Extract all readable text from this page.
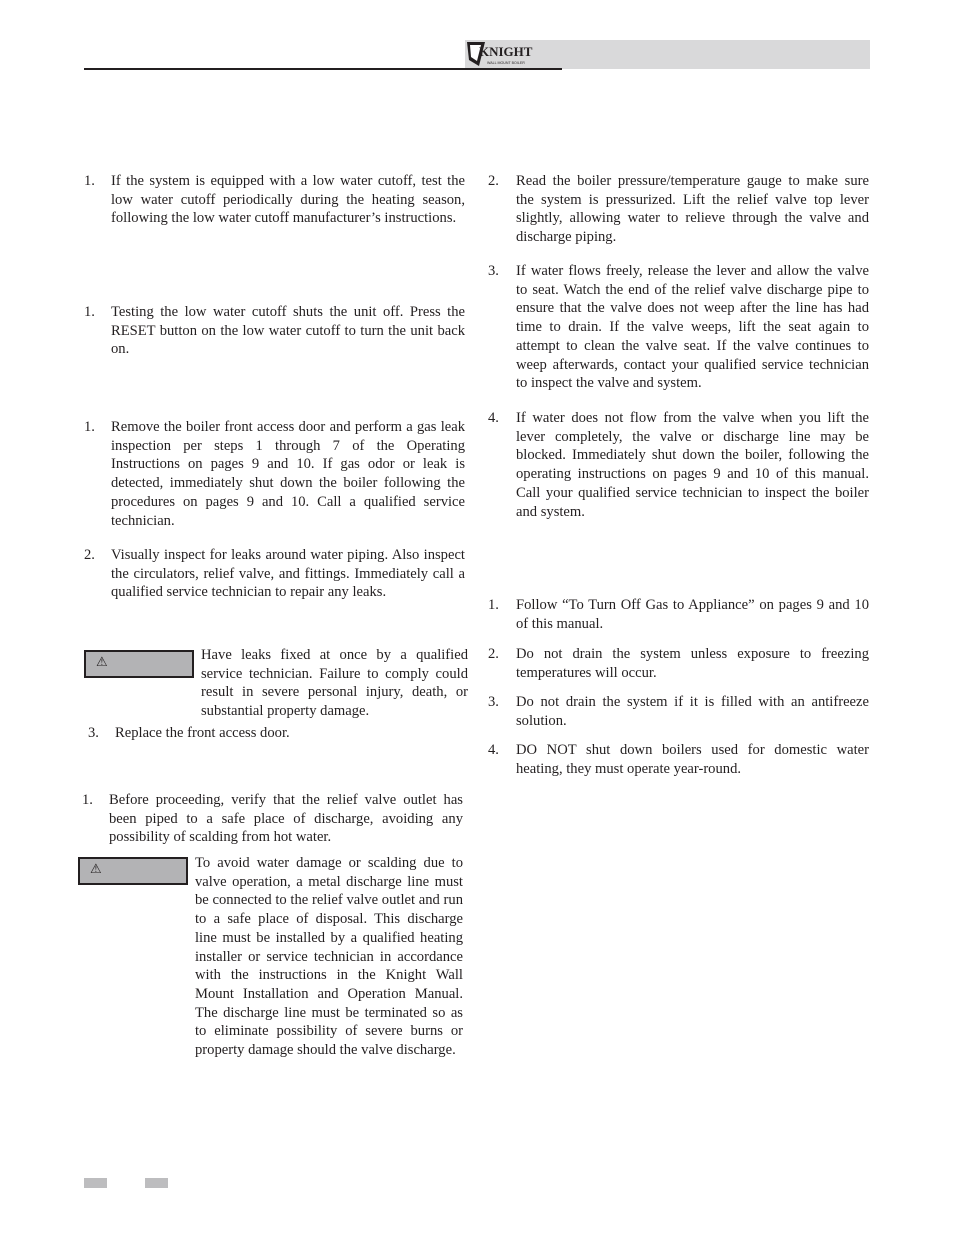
KNIGHT
WALL MOUNT BOILER
1. If the system is equipped with a low water cutoff, test the low water cutoff periodically during the heating season, following the low water cutoff manufacturer’s instructions.
1. Testing the low water cutoff shuts the unit off. Press the RESET button on the low water cutoff to turn the unit back on.
1. Remove the boiler front access door and perform a gas leak inspection per steps 1 through 7 of the Operating Instructions on pages 9 and 10. If gas odor or leak is detected, immediately shut down the boiler following the procedures on pages 9 and 10. Call a qualified service technician.
2. Visually inspect for leaks around water piping. Also inspect the circulators, relief valve, and fittings. Immediately call a qualified service technician to repair any leaks.
⚠	Have leaks fixed at once by a qualified service technician. Failure to comply could result in severe personal injury, death, or substantial property damage.
3. Replace the front access door.
1. Before proceeding, verify that the relief valve outlet has been piped to a safe place of discharge, avoiding any possibility of scalding from hot water.
⚠	To avoid water damage or scalding due to valve operation, a metal discharge line must be connected to the relief valve outlet and run to a safe place of disposal. This discharge line must be installed by a qualified heating installer or service technician in accordance with the instructions in the Knight Wall Mount Installation and Operation Manual. The discharge line must be terminated so as to eliminate possibility of severe burns or property damage should the valve discharge.
2. Read the boiler pressure/temperature gauge to make sure the system is pressurized. Lift the relief valve top lever slightly, allowing water to relieve through the valve and discharge piping.
3. If water flows freely, release the lever and allow the valve to seat. Watch the end of the relief valve discharge pipe to ensure that the valve does not weep after the line has had time to drain. If the valve weeps, lift the seat again to attempt to clean the valve seat. If the valve continues to weep afterwards, contact your qualified service technician to inspect the valve and system.
4. If water does not flow from the valve when you lift the lever completely, the valve or discharge line may be blocked. Immediately shut down the boiler, following the operating instructions on pages 9 and 10 of this manual. Call your qualified service technician to inspect the boiler and system.
1. Follow “To Turn Off Gas to Appliance” on pages 9 and 10 of this manual.
2. Do not drain the system unless exposure to freezing temperatures will occur.
3. Do not drain the system if it is filled with an antifreeze solution.
4. DO NOT shut down boilers used for domestic water heating, they must operate year-round.
